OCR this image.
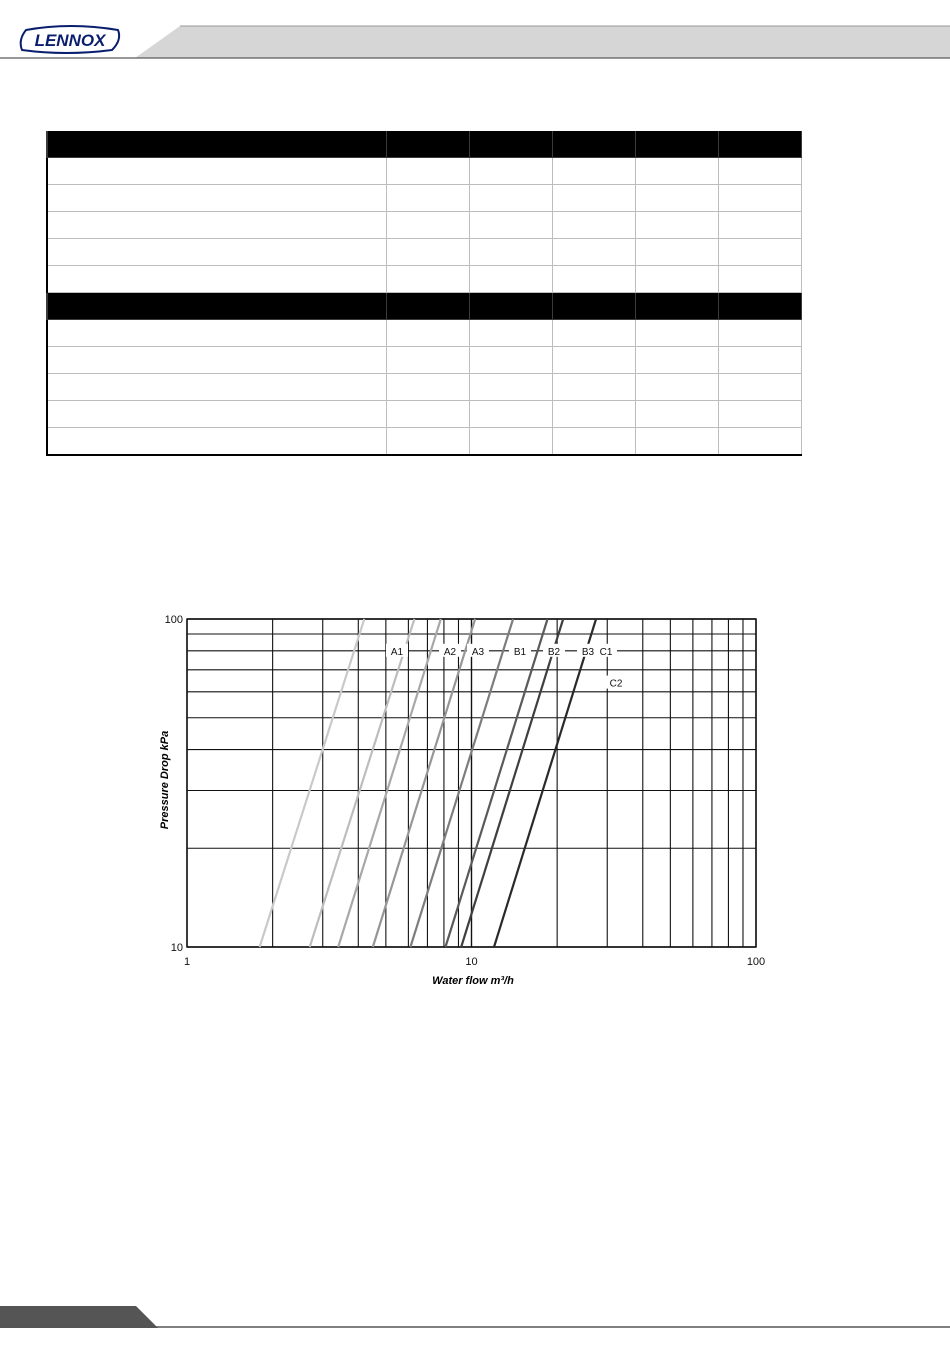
LENNOX

1	10	100
10
100
Water flow m³/h
Pressure Drop kPa
A1	A2 A3	B1 B2 B3 C1
C2
